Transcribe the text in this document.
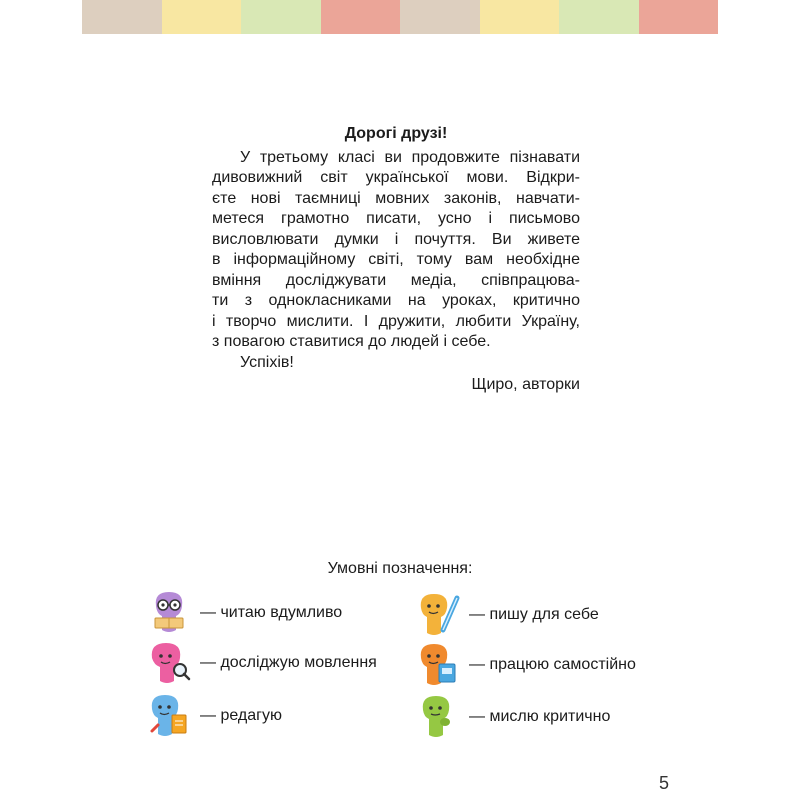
Дорогі друзі!

У третьому класі ви продовжите пізнавати
дивовижний світ української мови. Відкри-
єте нові таємниці мовних законів, навчати-
метеся грамотно писати, усно і письмово
висловлювати думки і почуття. Ви живете
в інформаційному світі, тому вам необхідне
вміння досліджувати медіа, співпрацюва-
ти з однокласниками на уроках, критично
і творчо мислити. І дружити, любити Україну,
з повагою ставитися до людей і себе.

Успіхів!

Щиро, авторки

Умовні позначення:
— читаю вдумливо
— досліджую мовлення
— редагую
— пишу для себе
— працюю самостійно
— мислю критично
5
